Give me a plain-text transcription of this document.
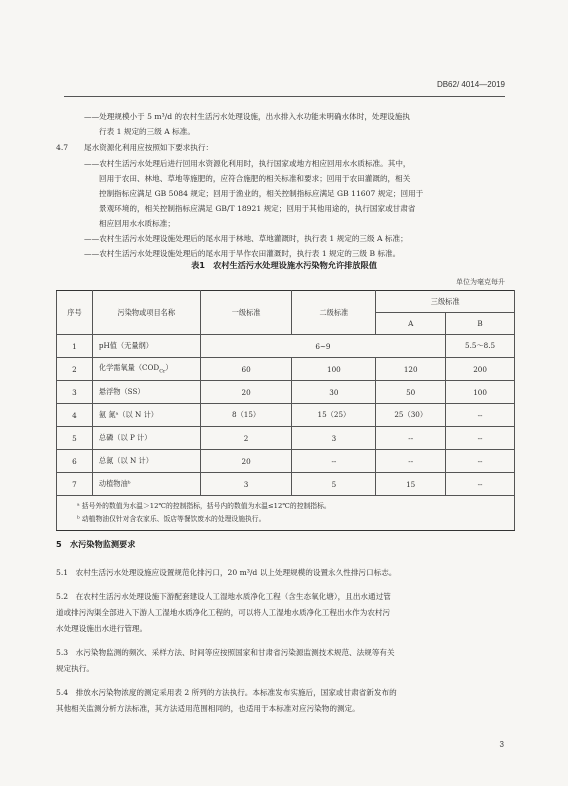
DB62/ 4014—2019
——处理规模小于 5 m³/d 的农村生活污水处理设施，出水排入水功能未明确水体时，处理设施执
行表 1 规定的三级 A 标准。
4.7 尾水资源化利用应按照如下要求执行：
——农村生活污水处理后进行回用水资源化利用时，执行国家或地方相应回用水水质标准。其中，
回用于农田、林地、草地等施肥的，应符合施肥的相关标准和要求；回用于农田灌溉的，相关
控制指标应满足 GB 5084 规定；回用于渔业的，相关控制指标应满足 GB 11607 规定；回用于
景观环境的，相关控制指标应满足 GB/T 18921 规定；回用于其他用途的，执行国家或甘肃省
相应回用水水质标准；
——农村生活污水处理设施处理后的尾水用于林地、草地灌溉时，执行表 1 规定的三级 A 标准；
——农村生活污水处理设施处理后的尾水用于旱作农田灌溉时，执行表 1 规定的三级 B 标准。
表1　农村生活污水处理设施水污染物允许排放限值
单位为毫克每升
序号	污染物或项目名称	一级标准	二级标准	三级标准	
				A	B
1	pH值（无量纲）	6~9			5.5～8.5
2	化学需氧量$(COD_{Cr})$	60	100	120	200
3	悬浮物（SS）	20	30	50	100
4	氨 氮ᵃ（以 N 计）	8（15）	15（25）	25（30）	--
5	总磷（以 P 计）	2	3	--	--
6	总氮（以 N 计）	20	--	--	--
7	动植物油ᵇ	3	5	15	--
ᵃ 括号外的数值为水温＞12℃的控制指标，括号内的数值为水温≤12℃的控制指标。
ᵇ 动植物油仅针对含农家乐、饭店等餐饮废水的处理设施执行。
5　水污染物监测要求
5.1　农村生活污水处理设施应设置规范化排污口，20 m³/d 以上处理规模的设置永久性排污口标志。
5.2　在农村生活污水处理设施下游配套建设人工湿地水质净化工程（含生态氧化塘），且出水通过管
道或排污沟渠全部进入下游人工湿地水质净化工程的，可以将人工湿地水质净化工程出水作为农村污
水处理设施出水进行管理。
5.3　水污染物监测的频次、采样方法、时间等应按照国家和甘肃省污染源监测技术规范、法规等有关
规定执行。
5.4　排放水污染物浓度的测定采用表 2 所列的方法执行。本标准发布实施后，国家或甘肃省新发布的
其他相关监测分析方法标准，其方法适用范围相同的，也适用于本标准对应污染物的测定。
3
